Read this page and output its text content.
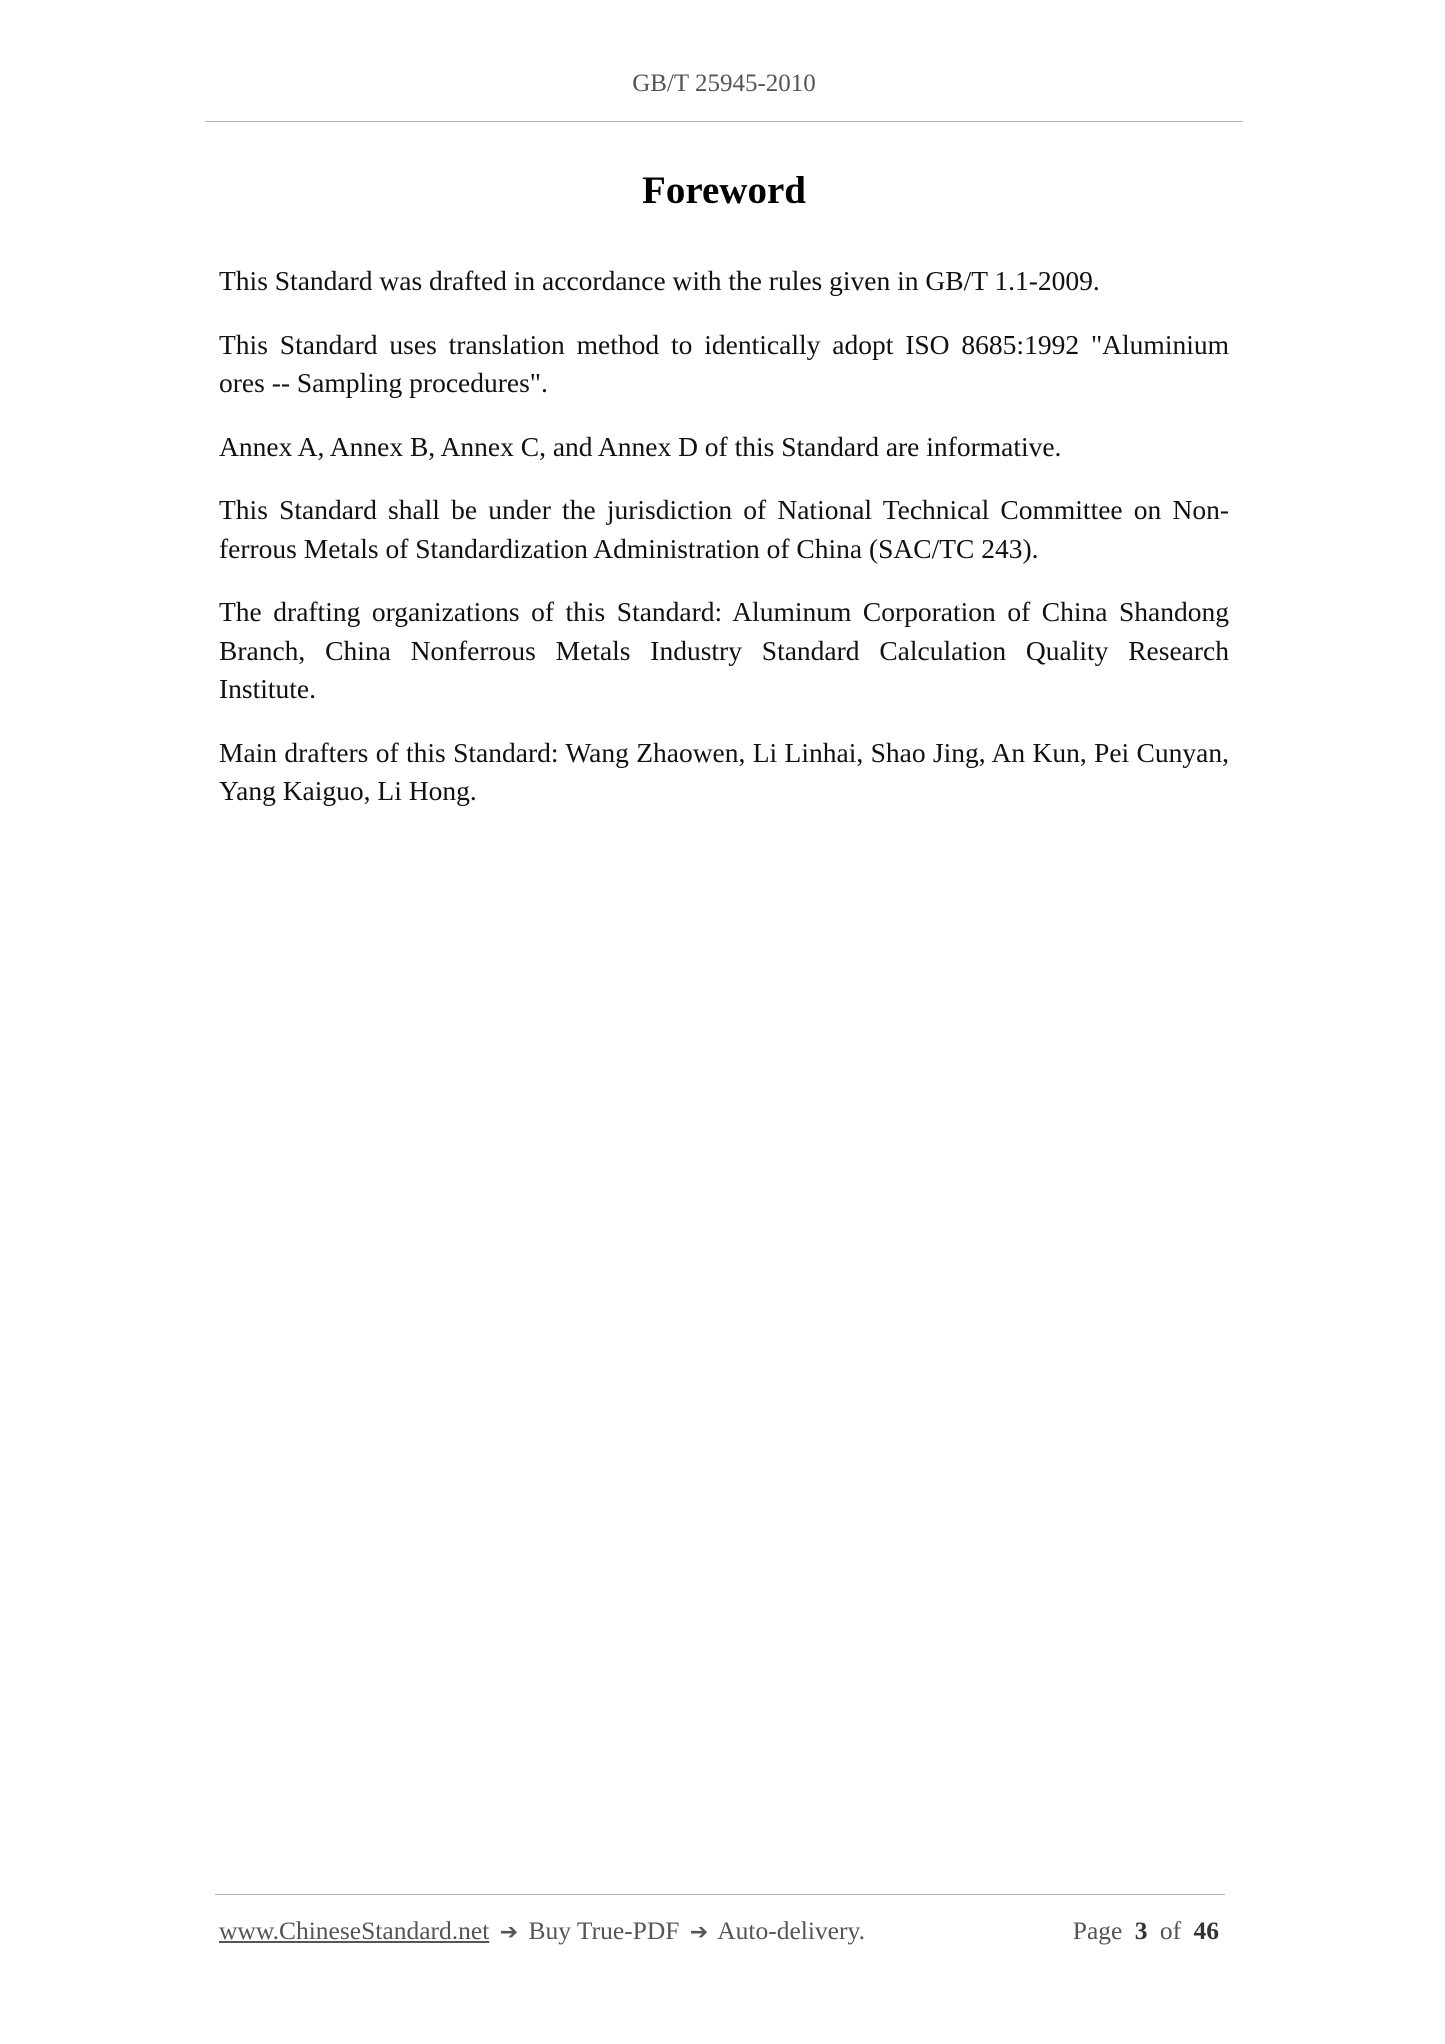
GB/T 25945-2010
Foreword

This Standard was drafted in accordance with the rules given in GB/T 1.1-2009.

This Standard uses translation method to identically adopt ISO 8685:1992 "Aluminium ores -- Sampling procedures".

Annex A, Annex B, Annex C, and Annex D of this Standard are informative.

This Standard shall be under the jurisdiction of National Technical Committee on Non-ferrous Metals of Standardization Administration of China (SAC/TC 243).

The drafting organizations of this Standard: Aluminum Corporation of China Shandong Branch, China Nonferrous Metals Industry Standard Calculation Quality Research Institute.

Main drafters of this Standard: Wang Zhaowen, Li Linhai, Shao Jing, An Kun, Pei Cunyan, Yang Kaiguo, Li Hong.

www.ChineseStandard.net ➔ Buy True-PDF ➔ Auto-delivery.	Page 3 of 46
